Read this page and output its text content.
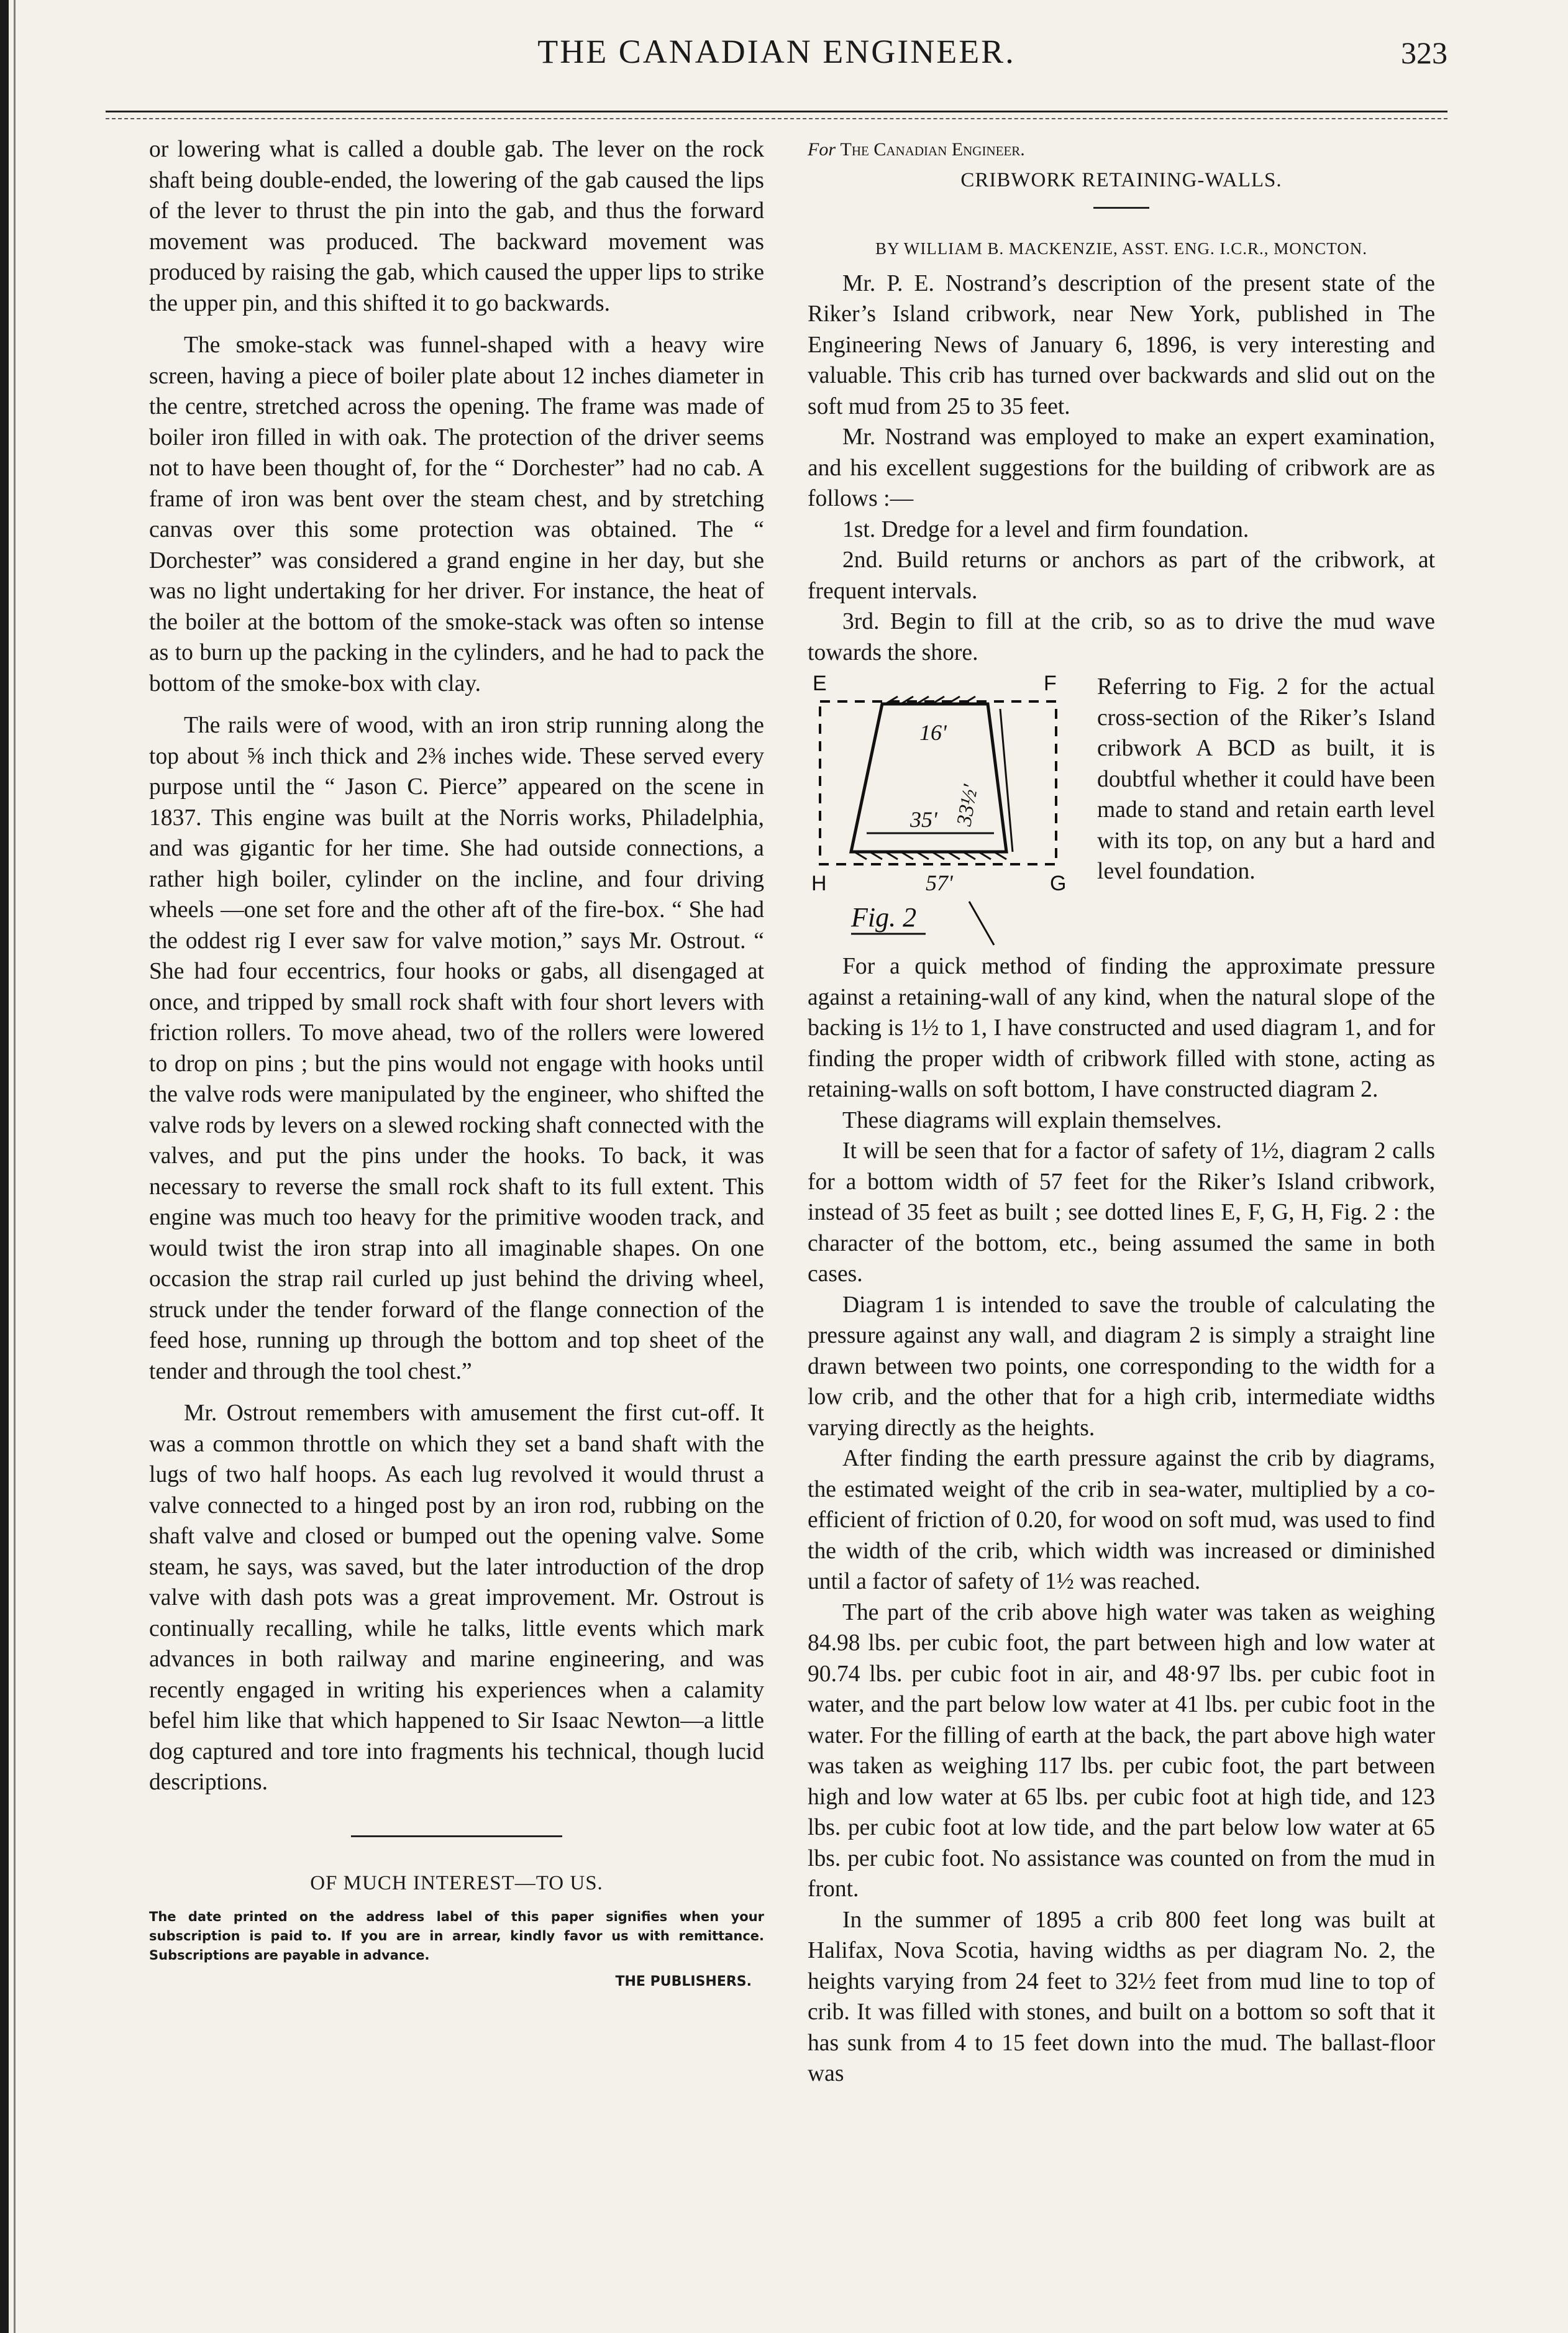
THE CANADIAN ENGINEER.	323

or lowering what is called a double gab. The lever on the rock shaft being double-ended, the lowering of the gab caused the lips of the lever to thrust the pin into the gab, and thus the forward movement was produced. The backward movement was produced by raising the gab, which caused the upper lips to strike the upper pin, and this shifted it to go backwards.

The smoke-stack was funnel-shaped with a heavy wire screen, having a piece of boiler plate about 12 inches diameter in the centre, stretched across the opening. The frame was made of boiler iron filled in with oak. The protection of the driver seems not to have been thought of, for the “ Dorchester” had no cab. A frame of iron was bent over the steam chest, and by stretching canvas over this some protection was obtained. The “ Dorchester” was considered a grand engine in her day, but she was no light undertaking for her driver. For instance, the heat of the boiler at the bottom of the smoke-stack was often so intense as to burn up the packing in the cylinders, and he had to pack the bottom of the smoke-box with clay.

The rails were of wood, with an iron strip running along the top about ⅝ inch thick and 2⅜ inches wide. These served every purpose until the “ Jason C. Pierce” appeared on the scene in 1837. This engine was built at the Norris works, Philadelphia, and was gigantic for her time. She had outside connections, a rather high boiler, cylinder on the incline, and four driving wheels —one set fore and the other aft of the fire-box. “ She had the oddest rig I ever saw for valve motion,” says Mr. Ostrout. “ She had four eccentrics, four hooks or gabs, all disengaged at once, and tripped by small rock shaft with four short levers with friction rollers. To move ahead, two of the rollers were lowered to drop on pins ; but the pins would not engage with hooks until the valve rods were manipulated by the engineer, who shifted the valve rods by levers on a slewed rocking shaft connected with the valves, and put the pins under the hooks. To back, it was necessary to reverse the small rock shaft to its full extent. This engine was much too heavy for the primitive wooden track, and would twist the iron strap into all imaginable shapes. On one occasion the strap rail curled up just behind the driving wheel, struck under the tender forward of the flange connection of the feed hose, running up through the bottom and top sheet of the tender and through the tool chest.”

Mr. Ostrout remembers with amusement the first cut-off. It was a common throttle on which they set a band shaft with the lugs of two half hoops. As each lug revolved it would thrust a valve connected to a hinged post by an iron rod, rubbing on the shaft valve and closed or bumped out the opening valve. Some steam, he says, was saved, but the later introduction of the drop valve with dash pots was a great improvement. Mr. Ostrout is continually recalling, while he talks, little events which mark advances in both railway and marine engineering, and was recently engaged in writing his experiences when a calamity befel him like that which happened to Sir Isaac Newton—a little dog captured and tore into fragments his technical, though lucid descriptions.

OF MUCH INTEREST—TO US.

The date printed on the address label of this paper signifies when your subscription is paid to. If you are in arrear, kindly favor us with remittance. Subscriptions are payable in advance.

THE PUBLISHERS.

For The Canadian Engineer.

CRIBWORK RETAINING-WALLS.

BY WILLIAM B. MACKENZIE, ASST. ENG. I.C.R., MONCTON.

Mr. P. E. Nostrand’s description of the present state of the Riker’s Island cribwork, near New York, published in The Engineering News of January 6, 1896, is very interesting and valuable. This crib has turned over backwards and slid out on the soft mud from 25 to 35 feet.

Mr. Nostrand was employed to make an expert examination, and his excellent suggestions for the building of cribwork are as follows :—

1st. Dredge for a level and firm foundation.

2nd. Build returns or anchors as part of the cribwork, at frequent intervals.

3rd. Begin to fill at the crib, so as to drive the mud wave towards the shore.

E	F
16'
33½'
35'
H	G
57'
Fig. 2
Referring to Fig. 2 for the actual cross-section of the Riker’s Island cribwork A BCD as built, it is doubtful whether it could have been made to stand and retain earth level with its top, on any but a hard and level foundation.

For a quick method of finding the approximate pressure against a retaining-wall of any kind, when the natural slope of the backing is 1½ to 1, I have constructed and used diagram 1, and for finding the proper width of cribwork filled with stone, acting as retaining-walls on soft bottom, I have constructed diagram 2.

These diagrams will explain themselves.

It will be seen that for a factor of safety of 1½, diagram 2 calls for a bottom width of 57 feet for the Riker’s Island cribwork, instead of 35 feet as built ; see dotted lines E, F, G, H, Fig. 2 : the character of the bottom, etc., being assumed the same in both cases.

Diagram 1 is intended to save the trouble of calculating the pressure against any wall, and diagram 2 is simply a straight line drawn between two points, one corresponding to the width for a low crib, and the other that for a high crib, intermediate widths varying directly as the heights.

After finding the earth pressure against the crib by diagrams, the estimated weight of the crib in sea-water, multiplied by a co-efficient of friction of 0.20, for wood on soft mud, was used to find the width of the crib, which width was increased or diminished until a factor of safety of 1½ was reached.

The part of the crib above high water was taken as weighing 84.98 lbs. per cubic foot, the part between high and low water at 90.74 lbs. per cubic foot in air, and 48·97 lbs. per cubic foot in water, and the part below low water at 41 lbs. per cubic foot in the water. For the filling of earth at the back, the part above high water was taken as weighing 117 lbs. per cubic foot, the part between high and low water at 65 lbs. per cubic foot at high tide, and 123 lbs. per cubic foot at low tide, and the part below low water at 65 lbs. per cubic foot. No assistance was counted on from the mud in front.

In the summer of 1895 a crib 800 feet long was built at Halifax, Nova Scotia, having widths as per diagram No. 2, the heights varying from 24 feet to 32½ feet from mud line to top of crib. It was filled with stones, and built on a bottom so soft that it has sunk from 4 to 15 feet down into the mud. The ballast-floor was
